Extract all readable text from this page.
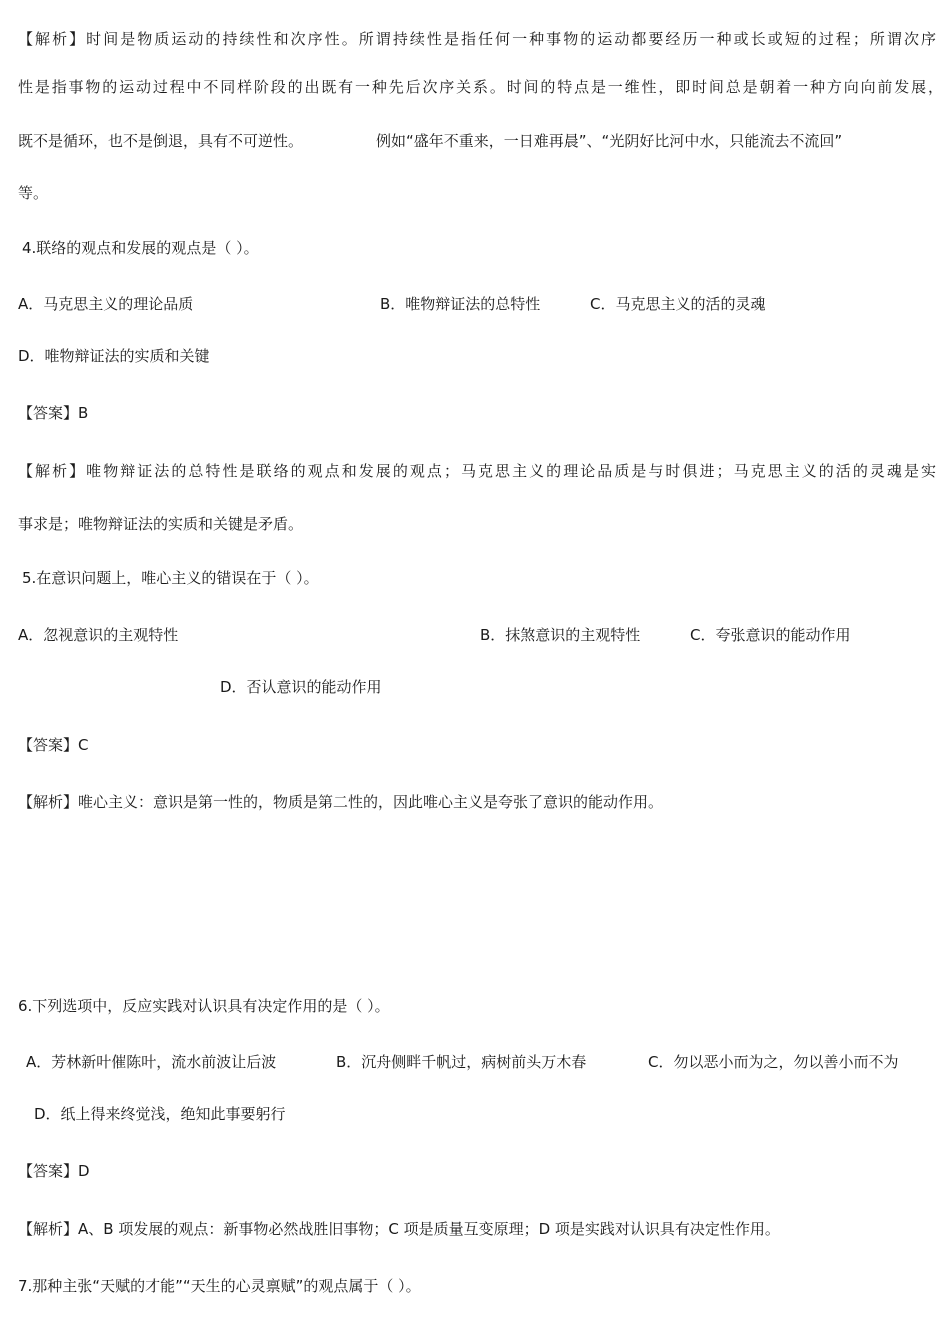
【解析】时间是物质运动的持续性和次序性。所谓持续性是指任何一种事物的运动都要经历一种或长或短的过程；所谓次序
性是指事物的运动过程中不同样阶段的出既有一种先后次序关系。时间的特点是一维性，即时间总是朝着一种方向向前发展，
既不是循环，也不是倒退，具有不可逆性。	例如“盛年不重来，一日难再晨”、“光阴好比河中水，只能流去不流回”
等。
4.联络的观点和发展的观点是（ ）。
A．马克思主义的理论品质	B．唯物辩证法的总特性	C．马克思主义的活的灵魂
D．唯物辩证法的实质和关键
【答案】B
【解析】唯物辩证法的总特性是联络的观点和发展的观点；马克思主义的理论品质是与时俱进；马克思主义的活的灵魂是实
事求是；唯物辩证法的实质和关键是矛盾。
5.在意识问题上，唯心主义的错误在于（ ）。
A．忽视意识的主观特性	B．抹煞意识的主观特性	C．夸张意识的能动作用
D．否认意识的能动作用
【答案】C
【解析】唯心主义：意识是第一性的，物质是第二性的，因此唯心主义是夸张了意识的能动作用。
6.下列选项中，反应实践对认识具有决定作用的是（ ）。
A．芳林新叶催陈叶，流水前波让后波	B．沉舟侧畔千帆过，病树前头万木春	C．勿以恶小而为之，勿以善小而不为
D．纸上得来终觉浅，绝知此事要躬行
【答案】D
【解析】A、B 项发展的观点：新事物必然战胜旧事物；C 项是质量互变原理；D 项是实践对认识具有决定性作用。
7.那种主张“天赋的才能”“天生的心灵禀赋”的观点属于（ ）。
